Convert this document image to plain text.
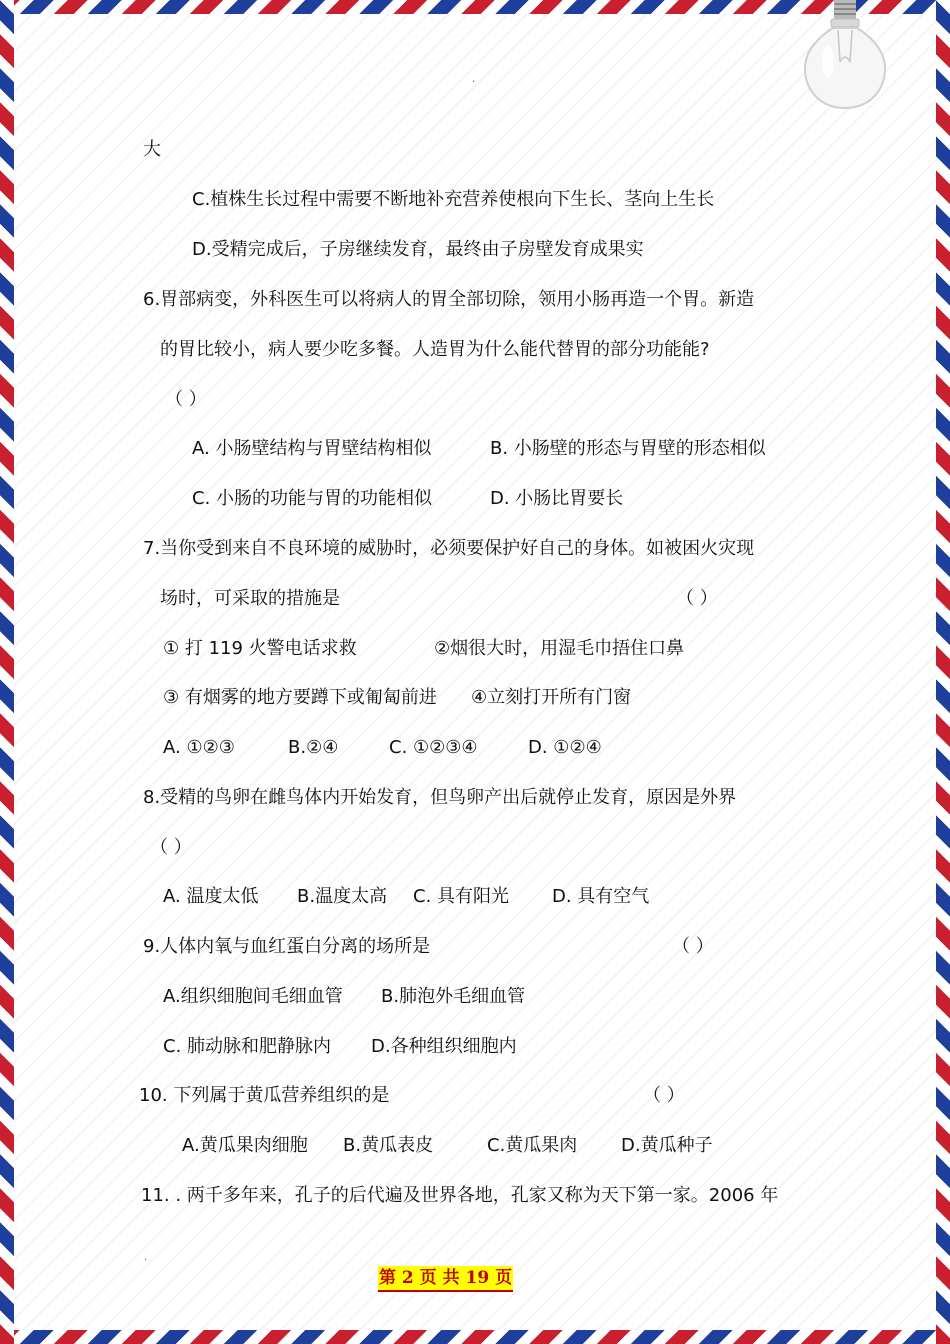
.
大
C.植株生长过程中需要不断地补充营养使根向下生长、茎向上生长
D.受精完成后，子房继续发育，最终由子房壁发育成果实
6.胃部病变，外科医生可以将病人的胃全部切除，领用小肠再造一个胃。新造
的胃比较小，病人要少吃多餐。人造胃为什么能代替胃的部分功能能?
（ ）
A. 小肠壁结构与胃壁结构相似	B. 小肠壁的形态与胃壁的形态相似
C. 小肠的功能与胃的功能相似	D. 小肠比胃要长
7.当你受到来自不良环境的威胁时，必须要保护好自己的身体。如被困火灾现
场时，可采取的措施是	（ ）
① 打 119 火警电话求救	②烟很大时，用湿毛巾捂住口鼻
③ 有烟雾的地方要蹲下或匍匐前进 ④立刻打开所有门窗
A. ①②③	B.②④	C. ①②③④	D. ①②④
8.受精的鸟卵在雌鸟体内开始发育，但鸟卵产出后就停止发育，原因是外界
（ ）
A. 温度太低 B.温度太高 C. 具有阳光 D. 具有空气
9.人体内氧与血红蛋白分离的场所是	（ ）
A.组织细胞间毛细血管 B.肺泡外毛细血管
C. 肺动脉和肥静脉内 D.各种组织细胞内
10. 下列属于黄瓜营养组织的是	（ ）
A.黄瓜果肉细胞 B.黄瓜表皮	C.黄瓜果肉 D.黄瓜种子
11. . 两千多年来，孔子的后代遍及世界各地，孔家又称为天下第一家。2006 年
.
第 2 页 共 19 页
